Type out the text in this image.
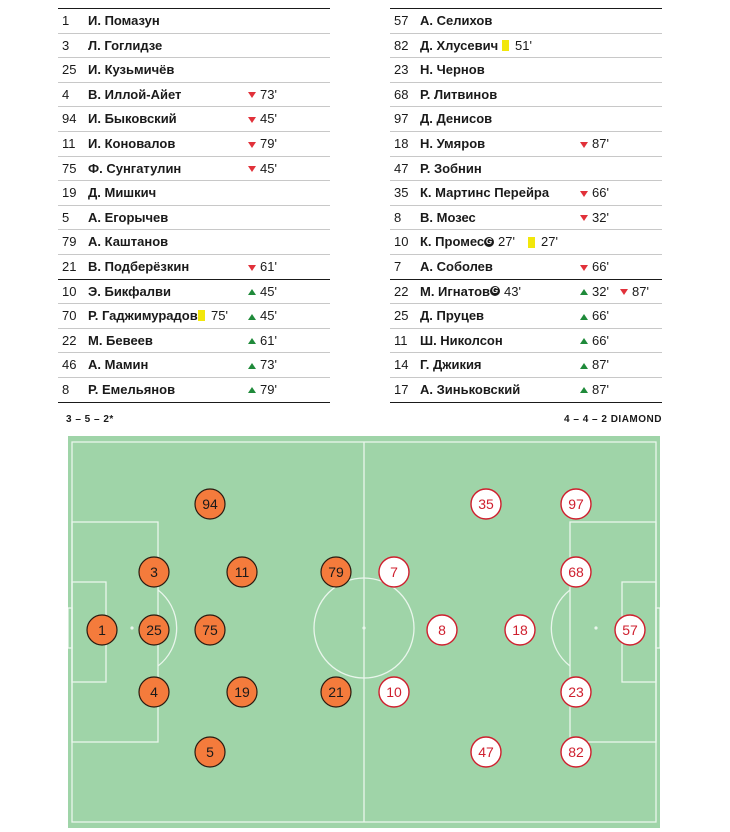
1 И. Помазун
3 Л. Гоглидзе
25 И. Кузьмичёв
4 В. Иллой-Айет	73'
94 И. Быковский	45'
11 И. Коновалов	79'
75 Ф. Сунгатулин	45'
19 Д. Мишкич
5 А. Егорычев
79 А. Каштанов
21 В. Подберёзкин	61'
10 Э. Бикфалви	45'
70 Р. Гаджимурадов 75'	45'
22 М. Бевеев	61'
46 А. Мамин	73'
8 Р. Емельянов	79'
57 А. Селихов
82 Д. Хлусевич 51'
23 Н. Чернов
68 Р. Литвинов
97 Д. Денисов
18 Н. Умяров	87'
47 Р. Зобнин
35 К. Мартинс Перейра	66'
8 В. Мозес	32'
10 К. Промес G 27' 27'
7 А. Соболев	66'
22 М. Игнатов G 43'	32'	87'
25 Д. Пруцев	66'
11 Ш. Николсон	66'
14 Г. Джикия	87'
17 А. Зиньковский	87'
3 – 5 – 2*	4 – 4 – 2 DIAMOND
94
3	11	79
1	25	75
4	19	21
5
7
35	97
68
8	18	57
10	23
47	82
